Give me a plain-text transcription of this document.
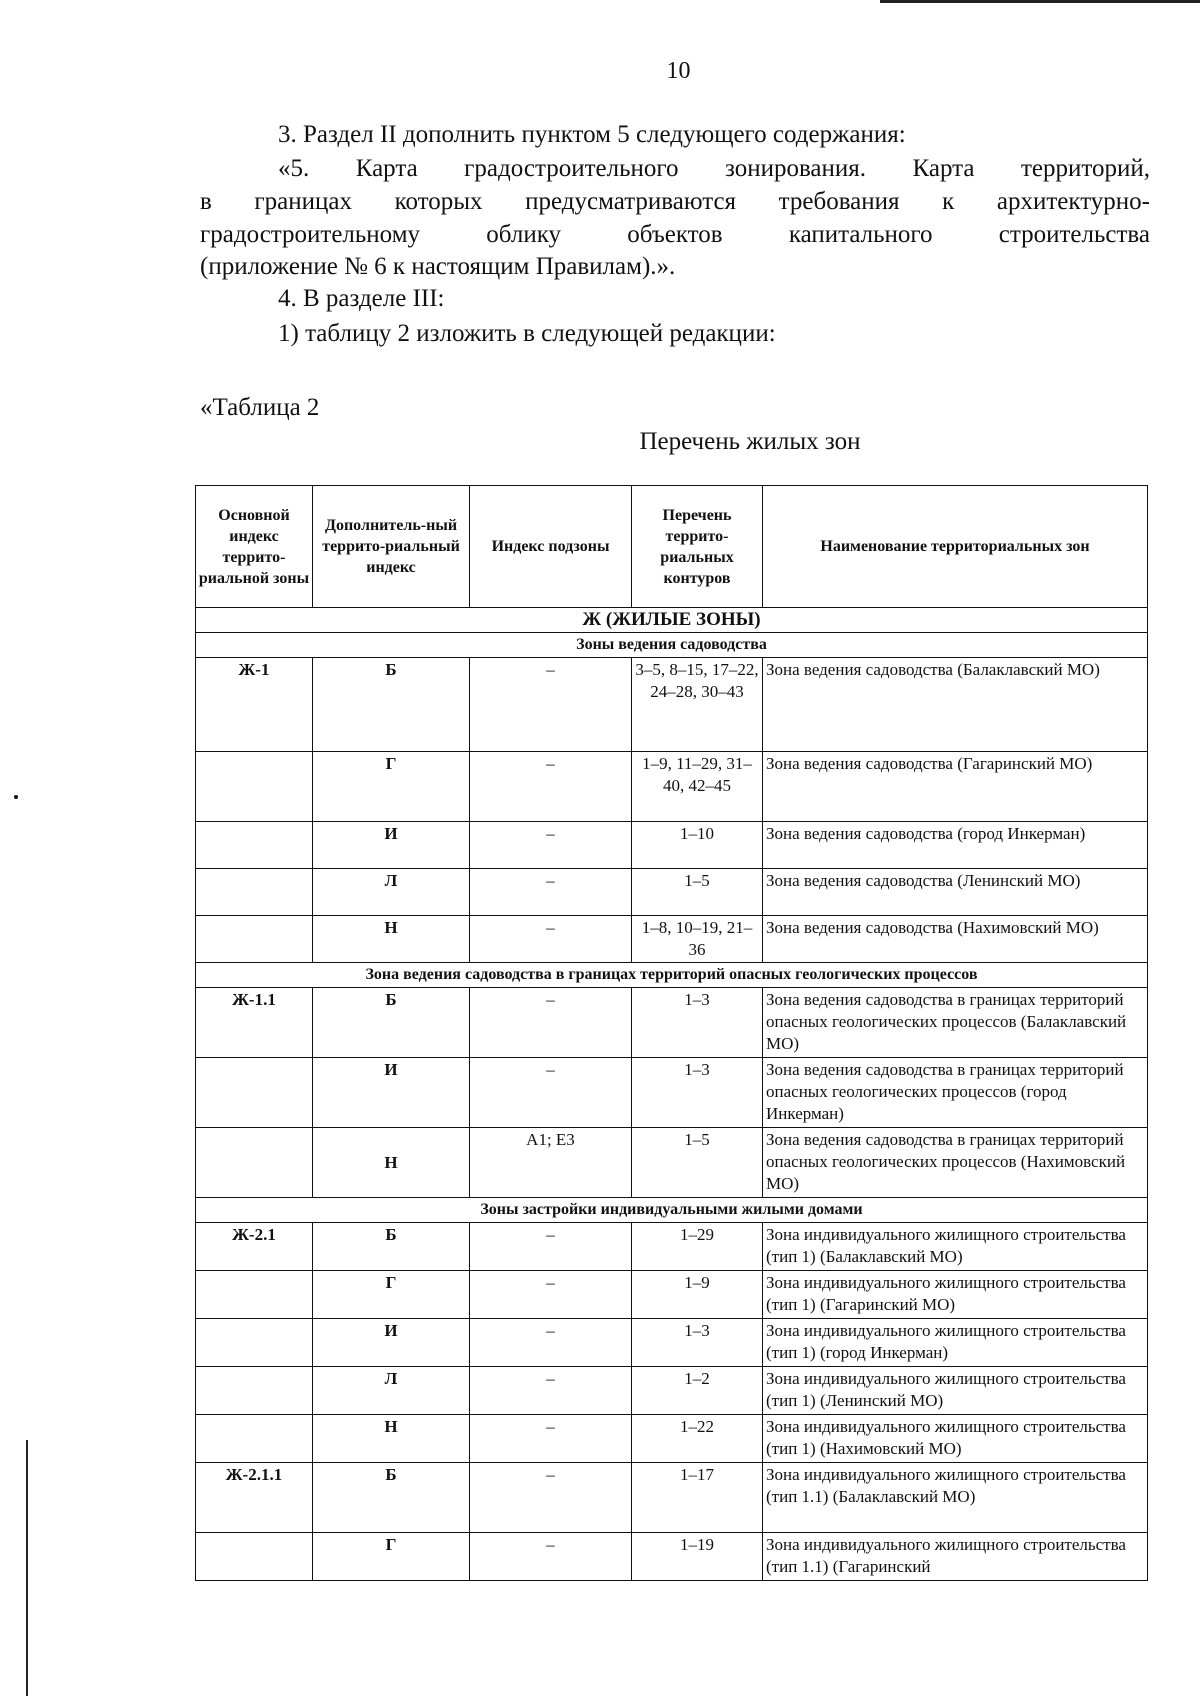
10
3. Раздел II дополнить пунктом 5 следующего содержания:
«5. Карта градостроительного зонирования. Карта территорий,
в границах которых предусматриваются требования к архитектурно-
градостроительному	облику	объектов	капитального	строительства
(приложение № 6 к настоящим Правилам).».
4. В разделе III:
1) таблицу 2 изложить в следующей редакции:
«Таблица 2
Перечень жилых зон
Основной индекс террито-риальной зоны	Дополнитель-ный террито-риальный индекс	Индекс подзоны	Перечень террито-риальных контуров	Наименование территориальных зон
Ж (ЖИЛЫЕ ЗОНЫ)				
Зоны ведения садоводства				
Ж-1	Б	–	3–5, 8–15, 17–22, 24–28, 30–43	Зона ведения садоводства (Балаклавский МО)
	Г	–	1–9, 11–29, 31–40, 42–45	Зона ведения садоводства (Гагаринский МО)
	И	–	1–10	Зона ведения садоводства (город Инкерман)
	Л	–	1–5	Зона ведения садоводства (Ленинский МО)
	Н	–	1–8, 10–19, 21–36	Зона ведения садоводства (Нахимовский МО)
Зона ведения садоводства в границах территорий опасных геологических процессов				
Ж-1.1	Б	–	1–3	Зона ведения садоводства в границах территорий опасных геологических процессов (Балаклавский МО)
	И	–	1–3	Зона ведения садоводства в границах территорий опасных геологических процессов (город Инкерман)
	Н	А1; Е3	1–5	Зона ведения садоводства в границах территорий опасных геологических процессов (Нахимовский МО)
Зоны застройки индивидуальными жилыми домами				
Ж-2.1	Б	–	1–29	Зона индивидуального жилищного строительства (тип 1) (Балаклавский МО)
	Г	–	1–9	Зона индивидуального жилищного строительства (тип 1) (Гагаринский МО)
	И	–	1–3	Зона индивидуального жилищного строительства (тип 1) (город Инкерман)
	Л	–	1–2	Зона индивидуального жилищного строительства (тип 1) (Ленинский МО)
	Н	–	1–22	Зона индивидуального жилищного строительства (тип 1) (Нахимовский МО)
Ж-2.1.1	Б	–	1–17	Зона индивидуального жилищного строительства (тип 1.1) (Балаклавский МО)
	Г	–	1–19	Зона индивидуального жилищного строительства (тип 1.1) (Гагаринский
